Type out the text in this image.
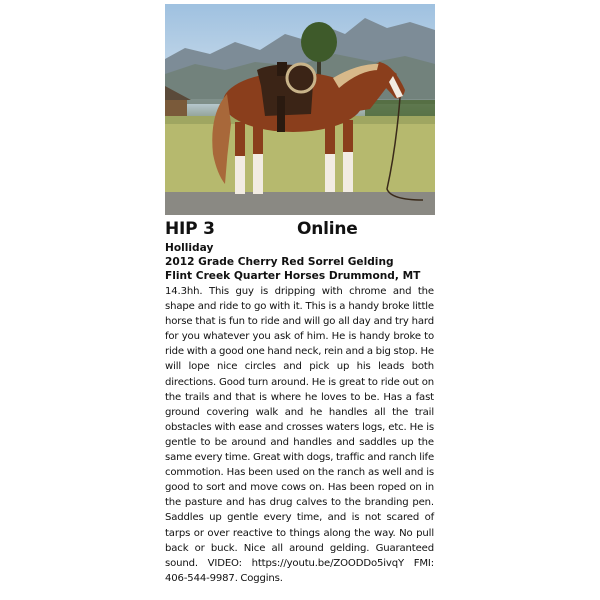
HIP 3	Online
Holliday
2012 Grade Cherry Red Sorrel Gelding
Flint Creek Quarter Horses Drummond, MT
14.3hh. This guy is dripping with chrome and the shape and ride to go with it. This is a handy broke little horse that is fun to ride and will go all day and try hard for you whatever you ask of him. He is handy broke to ride with a good one hand neck, rein and a big stop. He will lope nice circles and pick up his leads both directions. Good turn around. He is great to ride out on the trails and that is where he loves to be. Has a fast ground covering walk and he handles all the trail obstacles with ease and crosses waters logs, etc. He is gentle to be around and handles and saddles up the same every time. Great with dogs, traffic and ranch life commotion. Has been used on the ranch as well and is good to sort and move cows on. Has been roped on in the pasture and has drug calves to the branding pen. Saddles up gentle every time, and is not scared of tarps or over reactive to things along the way. No pull back or buck. Nice all around gelding. Guaranteed sound. VIDEO: https://youtu.be/ZOODDo5ivqY FMI: 406-544-9987. Coggins.
